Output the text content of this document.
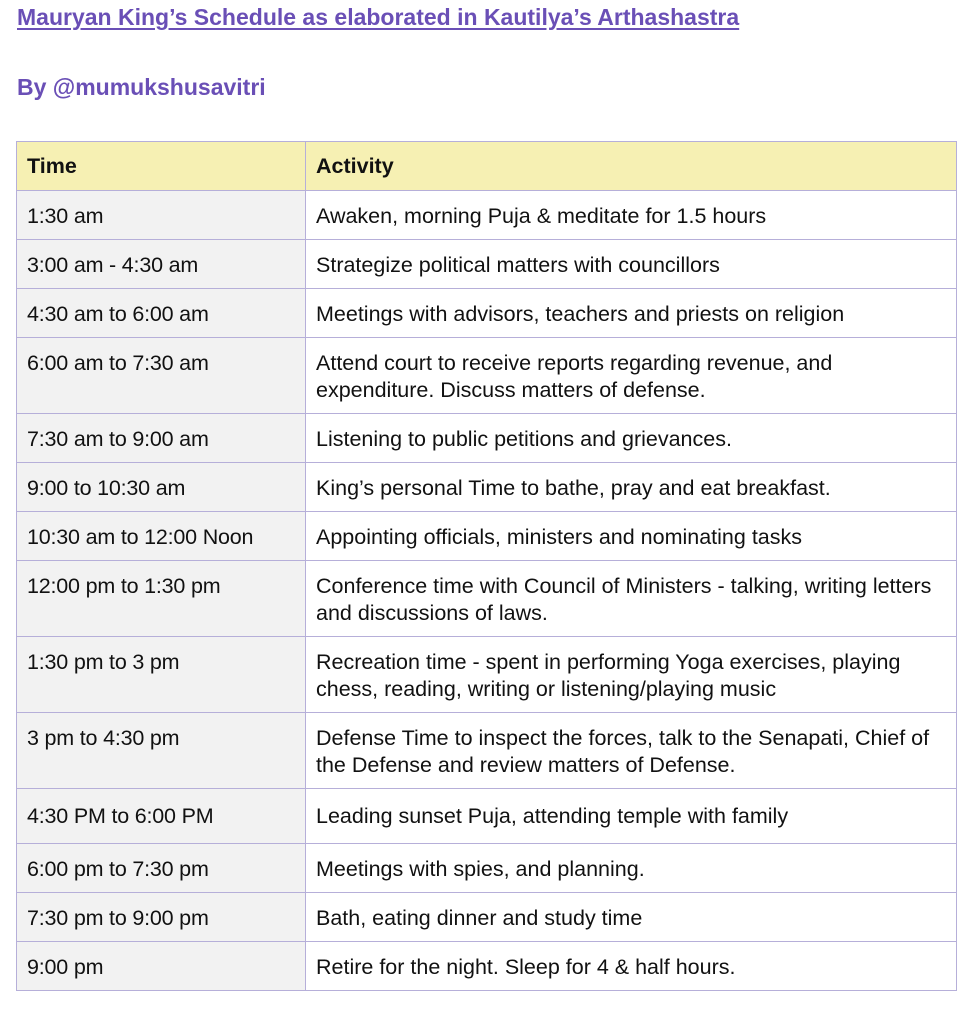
Mauryan King’s Schedule as elaborated in Kautilya’s Arthashastra
By @mumukshusavitri
Time	Activity
1:30 am	Awaken, morning Puja & meditate for 1.5 hours
3:00 am - 4:30 am	Strategize political matters with councillors
4:30 am to 6:00 am	Meetings with advisors, teachers and priests on religion
6:00 am to 7:30 am	Attend court to receive reports regarding revenue, and expenditure. Discuss matters of defense.
7:30 am to 9:00 am	Listening to public petitions and grievances.
9:00 to 10:30 am	King’s personal Time to bathe, pray and eat breakfast.
10:30 am to 12:00 Noon	Appointing officials, ministers and nominating tasks
12:00 pm to 1:30 pm	Conference time with Council of Ministers - talking, writing letters and discussions of laws.
1:30 pm to 3 pm	Recreation time - spent in performing Yoga exercises, playing chess, reading, writing or listening/playing music
3 pm to 4:30 pm	Defense Time to inspect the forces, talk to the Senapati, Chief of the Defense and review matters of Defense.
4:30 PM to 6:00 PM	Leading sunset Puja, attending temple with family
6:00 pm to 7:30 pm	Meetings with spies, and planning.
7:30 pm to 9:00 pm	Bath, eating dinner and study time
9:00 pm	Retire for the night. Sleep for 4 & half hours.
